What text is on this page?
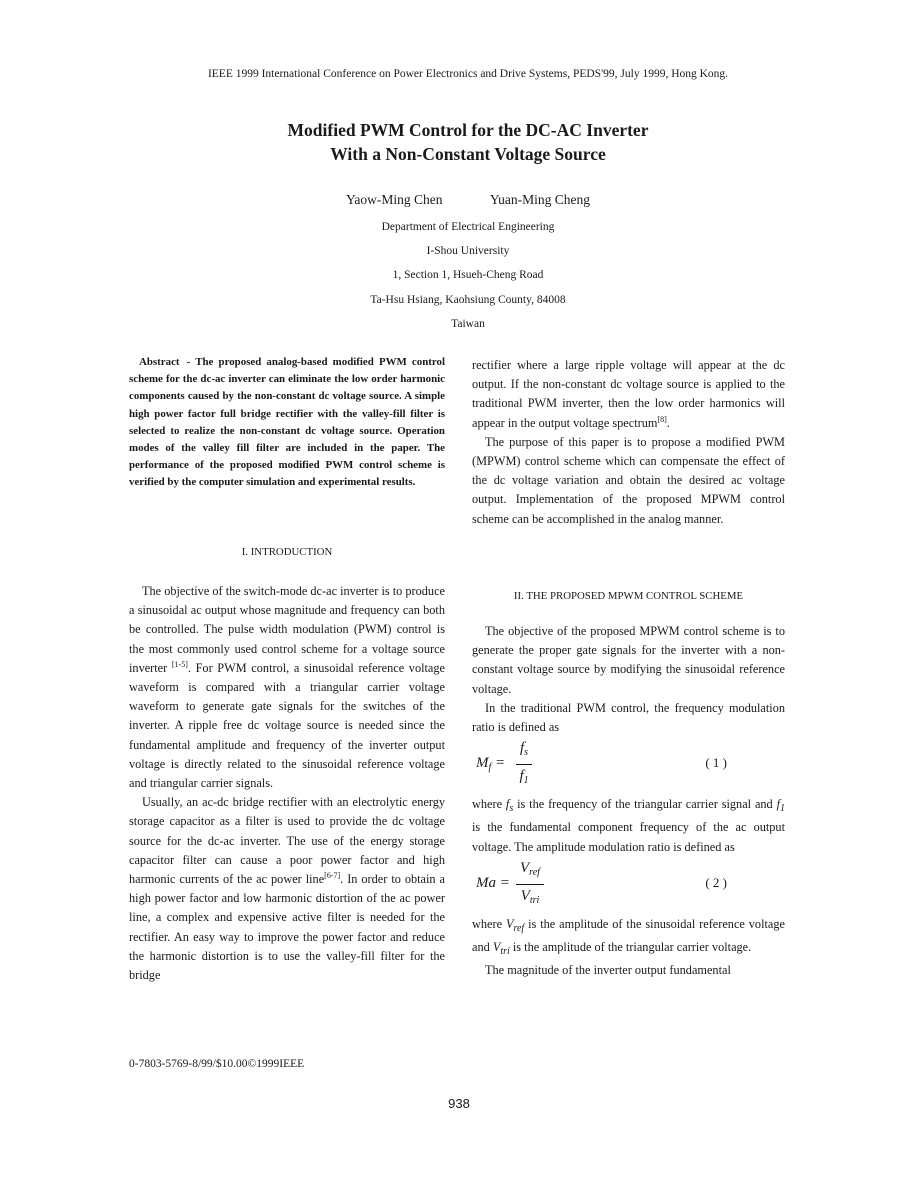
IEEE 1999 International Conference on Power Electronics and Drive Systems, PEDS'99, July 1999, Hong Kong.
Modified PWM Control for the DC-AC Inverter
With a Non-Constant Voltage Source
Yaow-Ming Chen	Yuan-Ming Cheng
Department of Electrical Engineering
I-Shou University
1, Section 1, Hsueh-Cheng Road
Ta-Hsu Hsiang, Kaohsiung County, 84008
Taiwan

Abstract - The proposed analog-based modified PWM control scheme for the dc-ac inverter can eliminate the low order harmonic components caused by the non-constant dc voltage source. A simple high power factor full bridge rectifier with the valley-fill filter is selected to realize the non-constant dc voltage source. Operation modes of the valley fill filter are included in the paper. The performance of the proposed modified PWM control scheme is verified by the computer simulation and experimental results.

I. INTRODUCTION

The objective of the switch-mode dc-ac inverter is to produce a sinusoidal ac output whose magnitude and frequency can both be controlled. The pulse width modulation (PWM) control is the most commonly used control scheme for a voltage source inverter [1-5]. For PWM control, a sinusoidal reference voltage waveform is compared with a triangular carrier voltage waveform to generate gate signals for the switches of the inverter. A ripple free dc voltage source is needed since the fundamental amplitude and frequency of the inverter output voltage is directly related to the sinusoidal reference voltage and triangular carrier signals.

Usually, an ac-dc bridge rectifier with an electrolytic energy storage capacitor as a filter is used to provide the dc voltage source for the dc-ac inverter. The use of the energy storage capacitor filter can cause a poor power factor and high harmonic currents of the ac power line[6-7]. In order to obtain a high power factor and low harmonic distortion of the ac power line, a complex and expensive active filter is needed for the rectifier. An easy way to improve the power factor and reduce the harmonic distortion is to use the valley-fill filter for the bridge

rectifier where a large ripple voltage will appear at the dc output. If the non-constant dc voltage source is applied to the traditional PWM inverter, then the low order harmonics will appear in the output voltage spectrum[8].

The purpose of this paper is to propose a modified PWM (MPWM) control scheme which can compensate the effect of the dc voltage variation and obtain the desired ac voltage output. Implementation of the proposed MPWM control scheme can be accomplished in the analog manner.

II. THE PROPOSED MPWM CONTROL SCHEME

The objective of the proposed MPWM control scheme is to generate the proper gate signals for the inverter with a non-constant voltage source by modifying the sinusoidal reference voltage.

In the traditional PWM control, the frequency modulation ratio is defined as

$M_f = \frac{f_s}{f_1}$	( 1 )

where $f_s$ is the frequency of the triangular carrier signal and $f_1$ is the fundamental component frequency of the ac output voltage. The amplitude modulation ratio is defined as

Ma =
$V_{ref}$
$V_{tri}$
( 2 )

where $V_{ref}$ is the amplitude of the sinusoidal reference voltage and $V_{tri}$ is the amplitude of the triangular carrier voltage.

The magnitude of the inverter output fundamental

0-7803-5769-8/99/$10.00©1999IEEE
938
